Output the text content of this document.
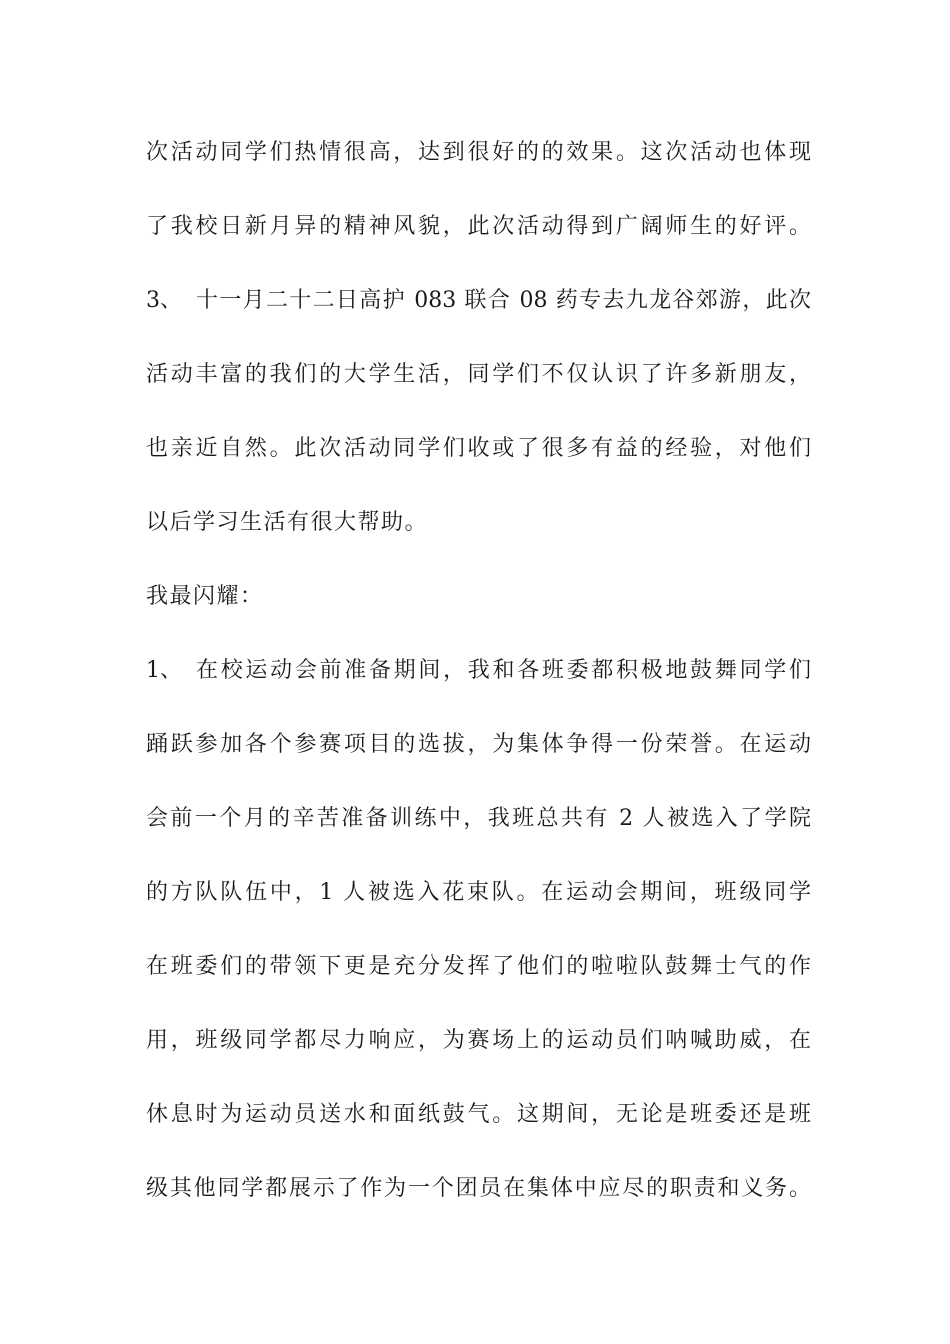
次活动同学们热情很高，达到很好的的效果。这次活动也体现
了我校日新月异的精神风貌，此次活动得到广阔师生的好评。
3、 十一月二十二日高护 083 联合 08 药专去九龙谷郊游，此次
活动丰富的我们的大学生活，同学们不仅认识了许多新朋友，
也亲近自然。此次活动同学们收或了很多有益的经验，对他们
以后学习生活有很大帮助。
我最闪耀：
1、 在校运动会前准备期间，我和各班委都积极地鼓舞同学们
踊跃参加各个参赛项目的选拔，为集体争得一份荣誉。在运动
会前一个月的辛苦准备训练中，我班总共有 2 人被选入了学院
的方队队伍中，1 人被选入花束队。在运动会期间，班级同学
在班委们的带领下更是充分发挥了他们的啦啦队鼓舞士气的作
用，班级同学都尽力响应，为赛场上的运动员们呐喊助威，在
休息时为运动员送水和面纸鼓气。这期间，无论是班委还是班
级其他同学都展示了作为一个团员在集体中应尽的职责和义务。
